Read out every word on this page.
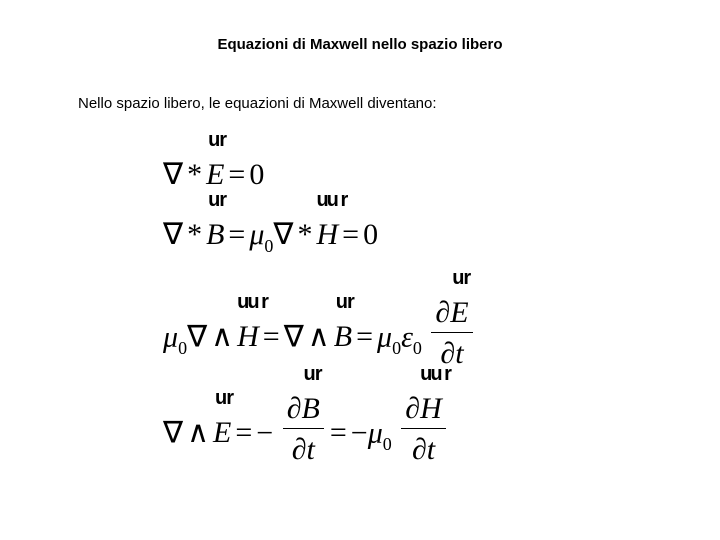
Equazioni di Maxwell nello spazio libero
Nello spazio libero, le equazioni di Maxwell diventano:
∇ * ur E = 0
∇ * ur $B = \mu_0\nabla$ * uu r H = 0
$\mu_0\nabla$ ∧ uu r H = ∇ ∧ ur $B = \mu_0\varepsilon_0 \frac{\text{∂ur E}}{\partial t}$
∇ ∧ ur E = − $\frac{\text{∂ur B}}{\partial t} = -\mu_0 \frac{\text{∂uu r H}}{\partial t}$
